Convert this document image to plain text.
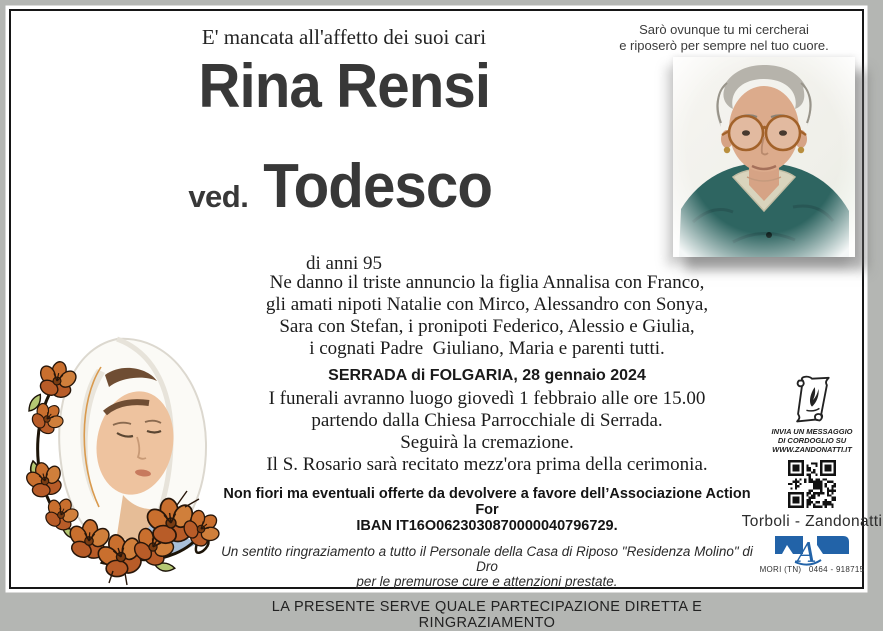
Sarò ovunque tu mi cercherai
e riposerò per sempre nel tuo cuore.
E' mancata all'affetto dei suoi cari
Rina Rensi
ved. Todesco
di anni 95
Ne danno il triste annuncio la figlia Annalisa con Franco,
gli amati nipoti Natalie con Mirco, Alessandro con Sonya,
Sara con Stefan, i pronipoti Federico, Alessio e Giulia,
i cognati Padre  Giuliano, Maria e parenti tutti.
SERRADA di FOLGARIA, 28 gennaio 2024
I funerali avranno luogo giovedì 1 febbraio alle ore 15.00
partendo dalla Chiesa Parrocchiale di Serrada.
Seguirà la cremazione.
Il S. Rosario sarà recitato mezz'ora prima della cerimonia.
Non fiori ma eventuali offerte da devolvere a favore dell’Associazione Action For
IBAN IT16O0623030870000040796729.
Un sentito ringraziamento a tutto il Personale della Casa di Riposo "Residenza Molino" di Dro
per le premurose cure e attenzioni prestate.
LA PRESENTE SERVE QUALE PARTECIPAZIONE DIRETTA E RINGRAZIAMENTO
INVIA UN MESSAGGIO
DI CORDOGLIO SU
WWW.ZANDONATTI.IT
Torboli - Zandonatti
A
MORI (TN)   0464 - 918715
